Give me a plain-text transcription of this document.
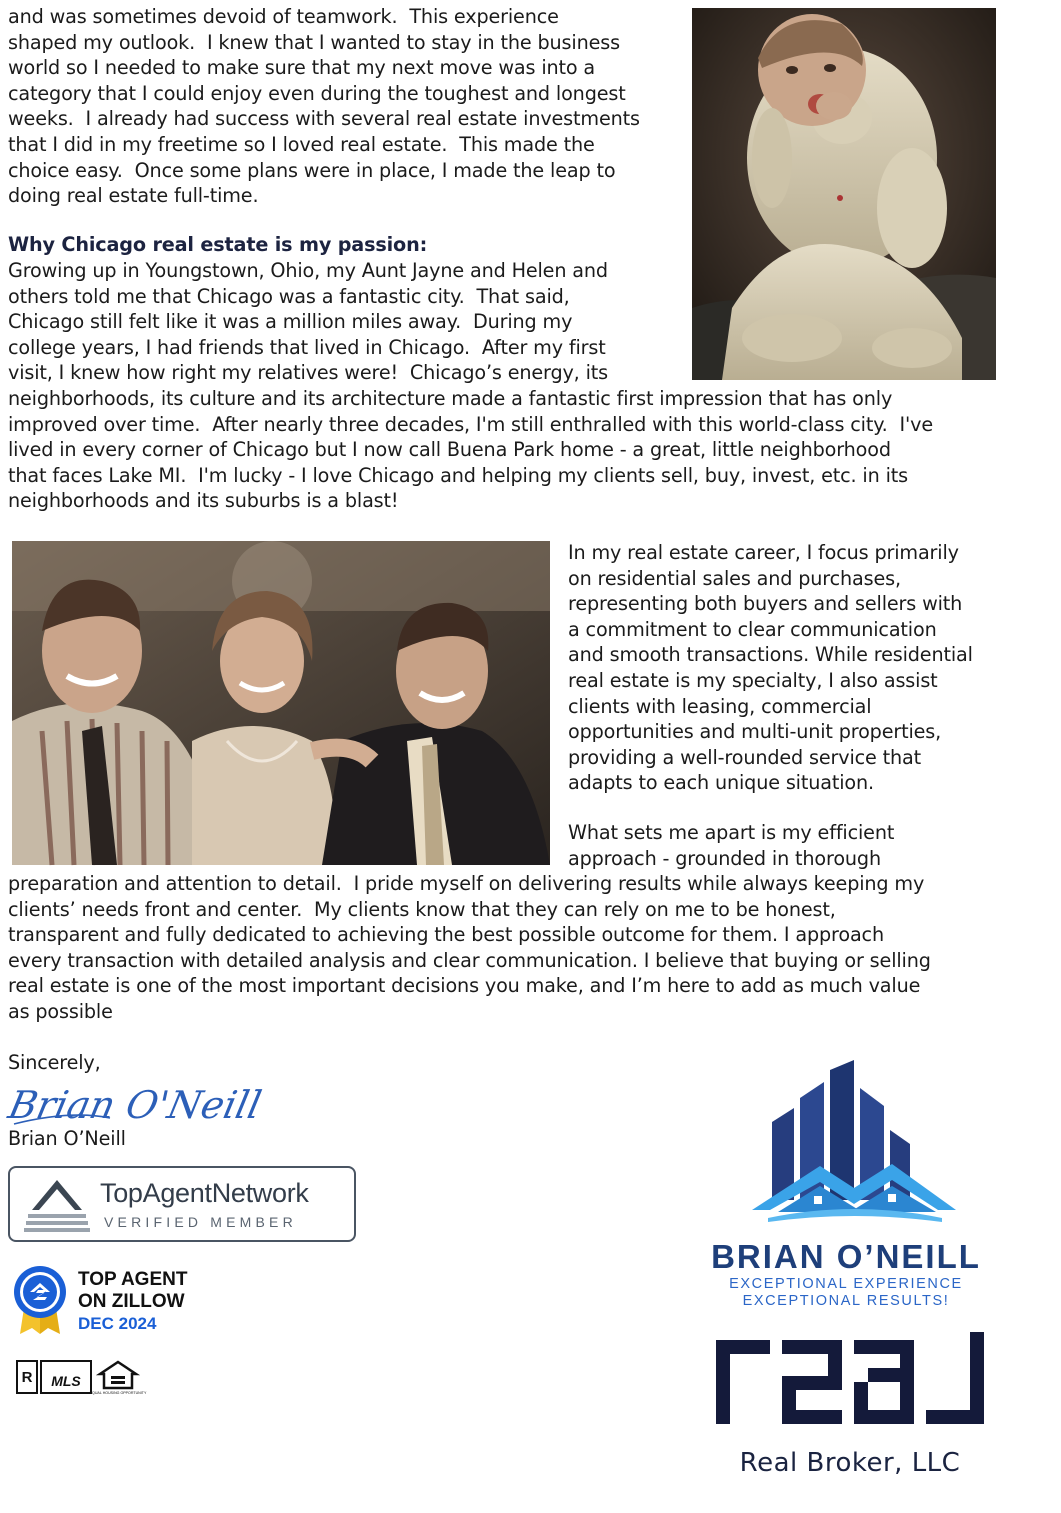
and was sometimes devoid of teamwork.  This experience
shaped my outlook.  I knew that I wanted to stay in the business
world so I needed to make sure that my next move was into a
category that I could enjoy even during the toughest and longest
weeks.  I already had success with several real estate investments
that I did in my freetime so I loved real estate.  This made the
choice easy.  Once some plans were in place, I made the leap to
doing real estate full-time.
Why Chicago real estate is my passion:
Growing up in Youngstown, Ohio, my Aunt Jayne and Helen and
others told me that Chicago was a fantastic city.  That said,
Chicago still felt like it was a million miles away.  During my
college years, I had friends that lived in Chicago.  After my first
visit, I knew how right my relatives were!  Chicago’s energy, its
neighborhoods, its culture and its architecture made a fantastic first impression that has only
improved over time.  After nearly three decades, I'm still enthralled with this world-class city.  I've
lived in every corner of Chicago but I now call Buena Park home - a great, little neighborhood
that faces Lake MI.  I'm lucky - I love Chicago and helping my clients sell, buy, invest, etc. in its
neighborhoods and its suburbs is a blast!
In my real estate career, I focus primarily
on residential sales and purchases,
representing both buyers and sellers with
a commitment to clear communication
and smooth transactions. While residential
real estate is my specialty, I also assist
clients with leasing, commercial
opportunities and multi-unit properties,
providing a well-rounded service that
adapts to each unique situation.
What sets me apart is my efficient
approach - grounded in thorough
preparation and attention to detail.  I pride myself on delivering results while always keeping my
clients’ needs front and center.  My clients know that they can rely on me to be honest,
transparent and fully dedicated to achieving the best possible outcome for them. I approach
every transaction with detailed analysis and clear communication. I believe that buying or selling
real estate is one of the most important decisions you make, and I’m here to add as much value
as possible
Sincerely,
Brian O'Neill
Brian O’Neill
TopAgentNetwork
VERIFIED MEMBER
TOP AGENT
ON ZILLOW
DEC 2024
R MLS
EQUAL HOUSING OPPORTUNITY
BRIAN O’NEILL
EXCEPTIONAL EXPERIENCE
EXCEPTIONAL RESULTS!
real
Real Broker, LLC
